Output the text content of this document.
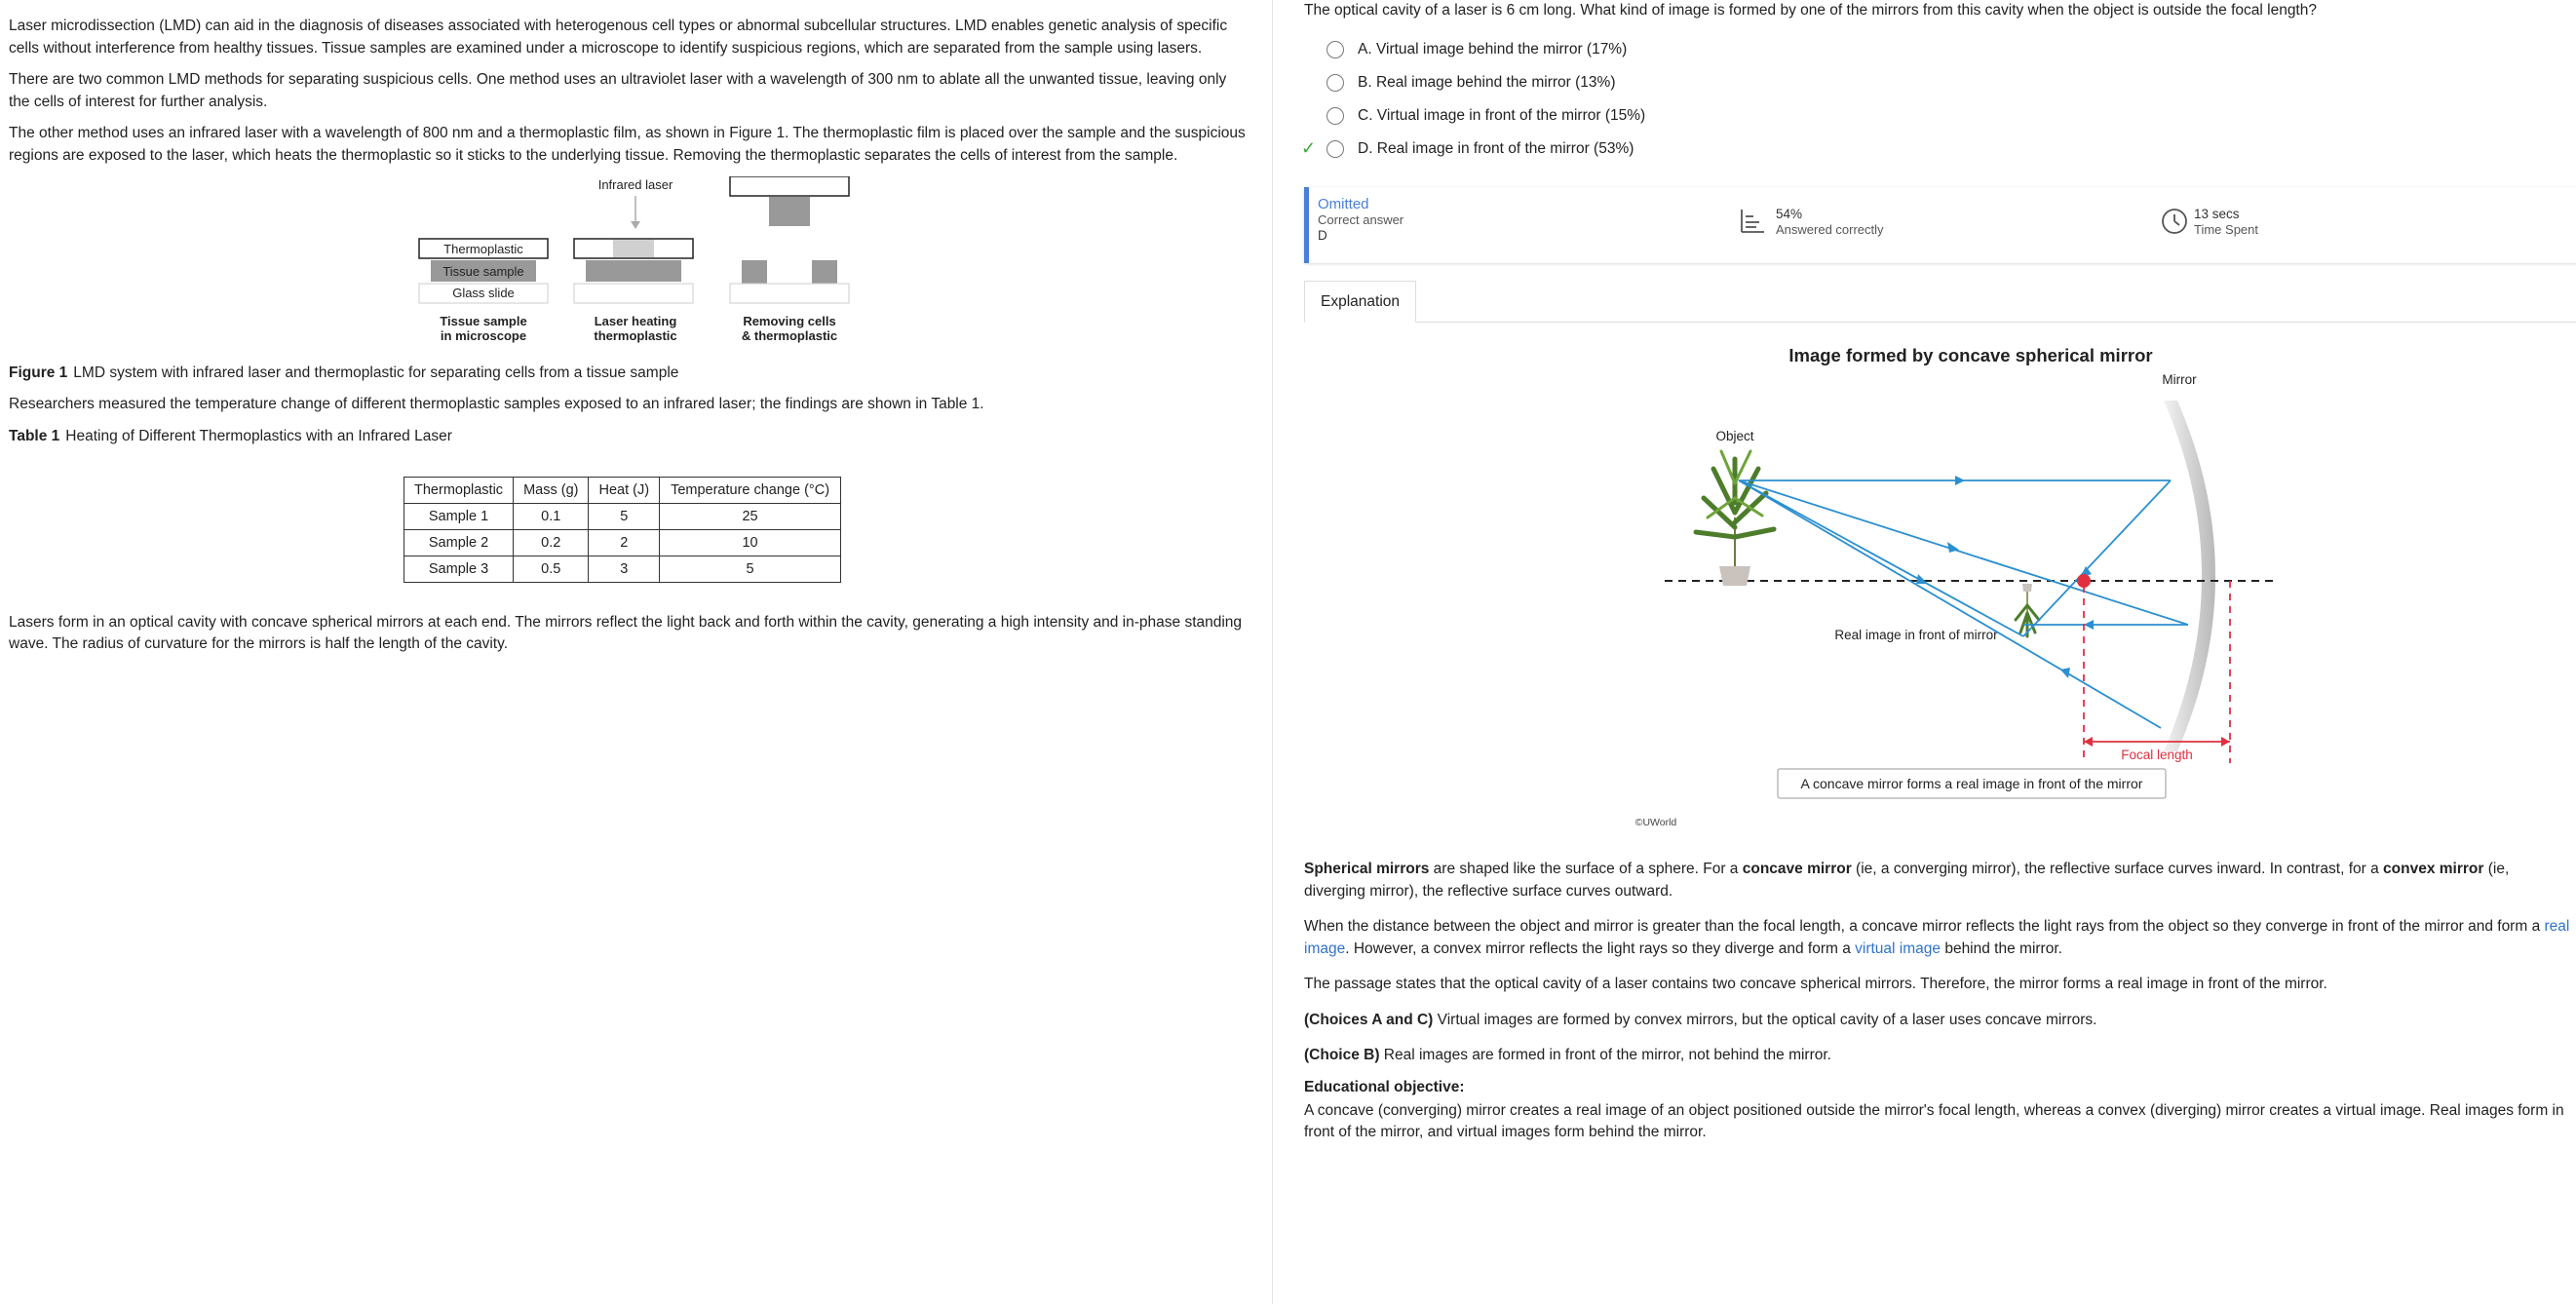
Laser microdissection (LMD) can aid in the diagnosis of diseases associated with heterogenous cell types or abnormal subcellular structures. LMD enables genetic analysis of specific cells without interference from healthy tissues. Tissue samples are examined under a microscope to identify suspicious regions, which are separated from the sample using lasers.

There are two common LMD methods for separating suspicious cells. One method uses an ultraviolet laser with a wavelength of 300 nm to ablate all the unwanted tissue, leaving only the cells of interest for further analysis.

The other method uses an infrared laser with a wavelength of 800 nm and a thermoplastic film, as shown in Figure 1. The thermoplastic film is placed over the sample and the suspicious regions are exposed to the laser, which heats the thermoplastic so it sticks to the underlying tissue. Removing the thermoplastic separates the cells of interest from the sample.

Thermoplastic
Tissue sample
Glass slide
Tissue sample
in microscope
Infrared laser
Laser heating
thermoplastic
Removing cells
& thermoplastic

Figure 1 LMD system with infrared laser and thermoplastic for separating cells from a tissue sample

Researchers measured the temperature change of different thermoplastic samples exposed to an infrared laser; the findings are shown in Table 1.

Table 1 Heating of Different Thermoplastics with an Infrared Laser

Thermoplastic	Mass (g)	Heat (J)	Temperature change (°C)
Sample 1	0.1	5	25
Sample 2	0.2	2	10
Sample 3	0.5	3	5

Lasers form in an optical cavity with concave spherical mirrors at each end. The mirrors reflect the light back and forth within the cavity, generating a high intensity and in-phase standing wave. The radius of curvature for the mirrors is half the length of the cavity.

The optical cavity of a laser is 6 cm long. What kind of image is formed by one of the mirrors from this cavity when the object is outside the focal length?

A. Virtual image behind the mirror (17%)
B. Real image behind the mirror (13%)
C. Virtual image in front of the mirror (15%)
✓	D. Real image in front of the mirror (53%)
Omitted
Correct answer
D
54%
Answered correctly
13 secs
Time Spent
Explanation
Image formed by concave spherical mirror
Mirror
Object
Real image in front of mirror
Focal length
A concave mirror forms a real image in front of the mirror
©UWorld

Spherical mirrors are shaped like the surface of a sphere. For a concave mirror (ie, a converging mirror), the reflective surface curves inward. In contrast, for a convex mirror (ie, diverging mirror), the reflective surface curves outward.

When the distance between the object and mirror is greater than the focal length, a concave mirror reflects the light rays from the object so they converge in front of the mirror and form a real image. However, a convex mirror reflects the light rays so they diverge and form a virtual image behind the mirror.

The passage states that the optical cavity of a laser contains two concave spherical mirrors. Therefore, the mirror forms a real image in front of the mirror.

(Choices A and C) Virtual images are formed by convex mirrors, but the optical cavity of a laser uses concave mirrors.

(Choice B) Real images are formed in front of the mirror, not behind the mirror.

Educational objective:

A concave (converging) mirror creates a real image of an object positioned outside the mirror's focal length, whereas a convex (diverging) mirror creates a virtual image. Real images form in front of the mirror, and virtual images form behind the mirror.
